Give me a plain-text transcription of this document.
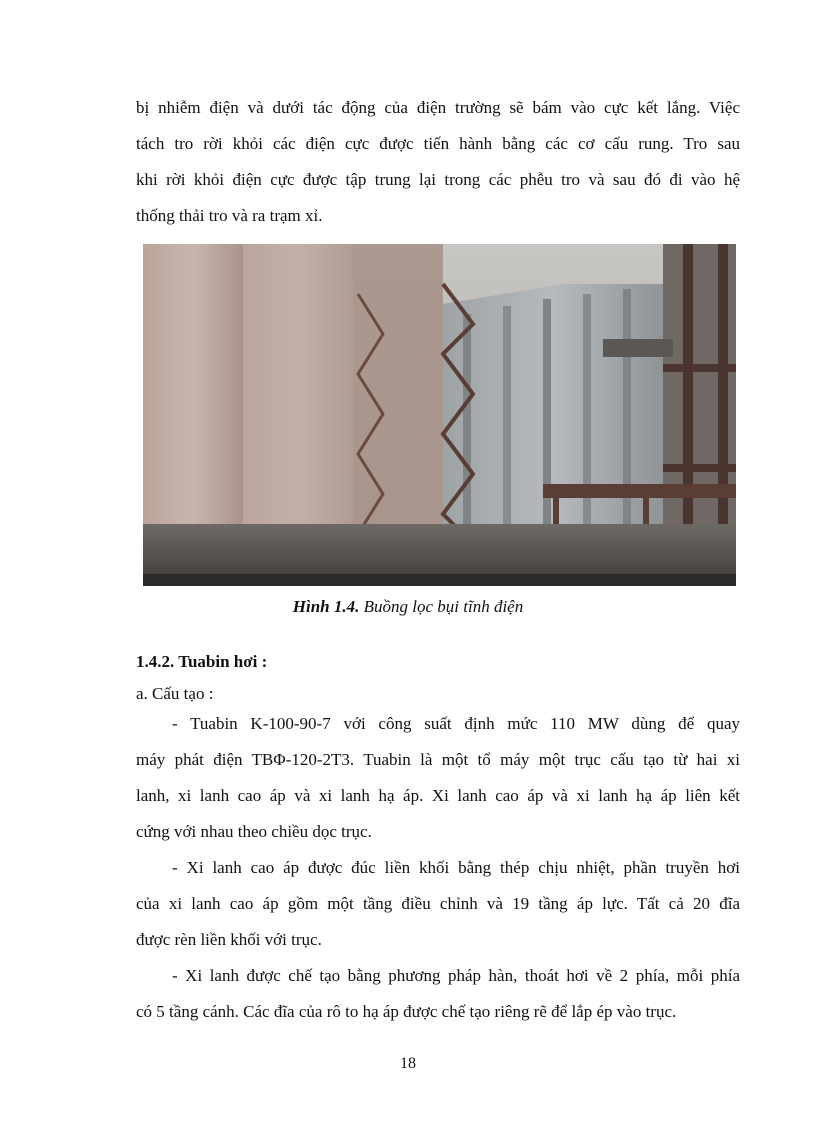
bị nhiễm điện và dưới tác động của điện trường sẽ bám vào cực kết lắng. Việc
tách tro rời khỏi các điện cực được tiến hành bằng các cơ cấu rung. Tro sau
khi rời khỏi điện cực được tập trung lại trong các phễu tro và sau đó đi vào hệ
thống thải tro và ra trạm xỉ.
Hình 1.4. Buồng lọc bụi tĩnh điện
1.4.2. Tuabin hơi :
a. Cấu tạo :
- Tuabin K-100-90-7 với công suất định mức 110 MW dùng để quay
máy phát điện TBΦ-120-2T3. Tuabin là một tổ máy một trục cấu tạo từ hai xi
lanh, xi lanh cao áp và xi lanh hạ áp. Xi lanh cao áp và xi lanh hạ áp liên kết
cứng với nhau theo chiều dọc trục.
- Xi lanh cao áp được đúc liền khối bằng thép chịu nhiệt, phần truyền hơi
của xi lanh cao áp gồm một tầng điều chỉnh và 19 tầng áp lực. Tất cả 20 đĩa
được rèn liền khối với trục.
- Xi lanh được chế tạo bằng phương pháp hàn, thoát hơi về 2 phía, mỗi phía
có 5 tầng cánh. Các đĩa của rô to hạ áp được chế tạo riêng rẽ để lắp ép vào trục.
18
